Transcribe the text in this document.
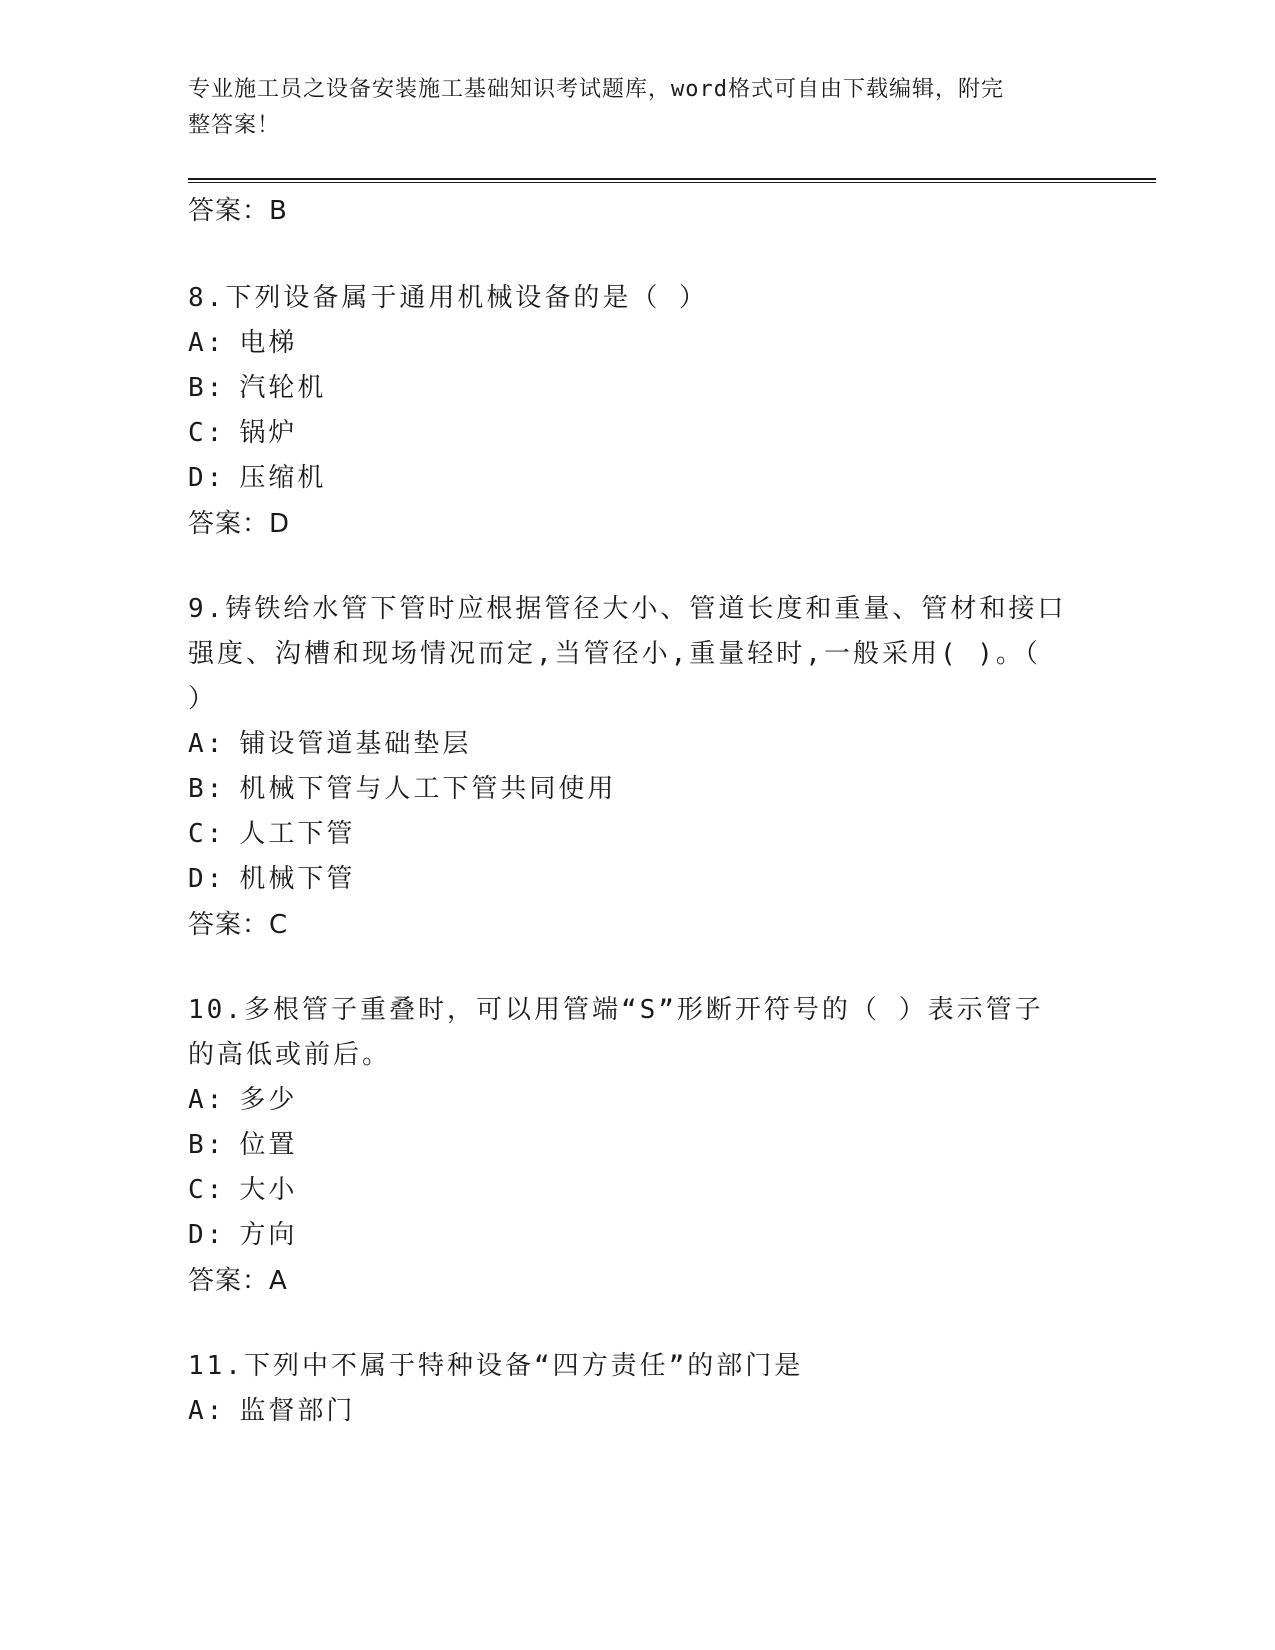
专业施工员之设备安装施工基础知识考试题库，word格式可自由下载编辑，附完
整答案！
答案：B
8.下列设备属于通用机械设备的是（ ）
A: 电梯
B: 汽轮机
C: 锅炉
D: 压缩机
答案：D
9.铸铁给水管下管时应根据管径大小、管道长度和重量、管材和接口强度、沟槽和现场情况而定,当管径小,重量轻时,一般采用( )。（ ）
A: 铺设管道基础垫层
B: 机械下管与人工下管共同使用
C: 人工下管
D: 机械下管
答案：C
10.多根管子重叠时，可以用管端“S”形断开符号的（ ）表示管子的高低或前后。
A: 多少
B: 位置
C: 大小
D: 方向
答案：A
11.下列中不属于特种设备“四方责任”的部门是
A: 监督部门
